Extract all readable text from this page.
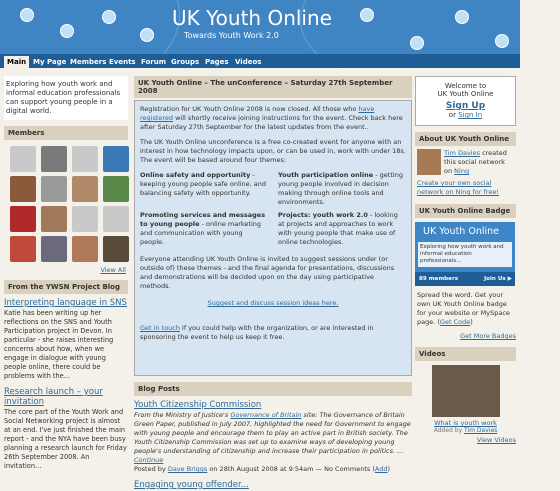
UK Youth Online
Towards Youth Work 2.0
Main My Page Members Events Forum Groups Pages Videos
Exploring how youth work and informal education professionals can support young people in a digital world.
Members
View All
From the YWSN Project Blog
Interpreting language in SNS
Katie has been writing up her reflections on the SNS and Youth Participation project in Devon. In particular - she raises interesting concerns about how, when we engage in dialogue with young people online, there could be problems with the...
Research launch – your invitation
The core part of the Youth Work and Social Networking project is almost at an end. I've just finished the main report - and the NYA have been busy planning a research launch for Friday 26th September 2008. An invitation...
UK Youth Online – The unConference – Saturday 27th September 2008

Registration for UK Youth Online 2008 is now closed. All those who have registered will shortly receive joining instructions for the event. Check back here after Saturday 27th September for the latest updates from the event..

The UK Youth Online unconference is a free co-created event for anyone with an interest in how technology impacts upon, or can be used in, work with under 18s. The event will be based around four themes:

Online safety and opportunity - keeping young people safe online, and balancing safety with opportunity.
Youth participation online - getting young people involved in decision making through online tools and environments.
Promoting services and messages to young people - online marketing and communication with young people.
Projects: youth work 2.0 - looking at projects and approaches to work with young people that make use of online technologies.

Everyone attending UK Youth Online is invited to suggest sessions under (or outside of) these themes - and the final agenda for presentations, discussions and demonstrations will be decided upon on the day using participative methods.

Suggest and discuss session ideas here.

Get in touch if you could help with the organization, or are interested in sponsoring the event to help us keep it free.

Blog Posts
Youth Citizenship Commission
From the Ministry of Justice's Governance of Britain site: The Governance of Britain Green Paper, published in July 2007, highlighted the need for Government to engage with young people and encourage them to play an active part in British society. The Youth Citizenship Commission was set up to examine ways of developing young people's understanding of citizenship and increase their participation in politics. ... Continue
Posted by Dave Briggs on 28th August 2008 at 9:54am — No Comments (Add)
Engaging young offender...
Welcome to
UK Youth Online
Sign Up
or Sign In
About UK Youth Online
Tim Davies created this social network on Ning
Create your own social network on Ning for free!
UK Youth Online Badge
UK Youth Online
Exploring how youth work and informal education professionals...
89 members	Join Us ▶
Spread the word. Get your own UK Youth Online badge for your website or MySpace page. (Get Code)
Get More Badges
Videos
What is youth work
Added by Tim Davies
View Videos
